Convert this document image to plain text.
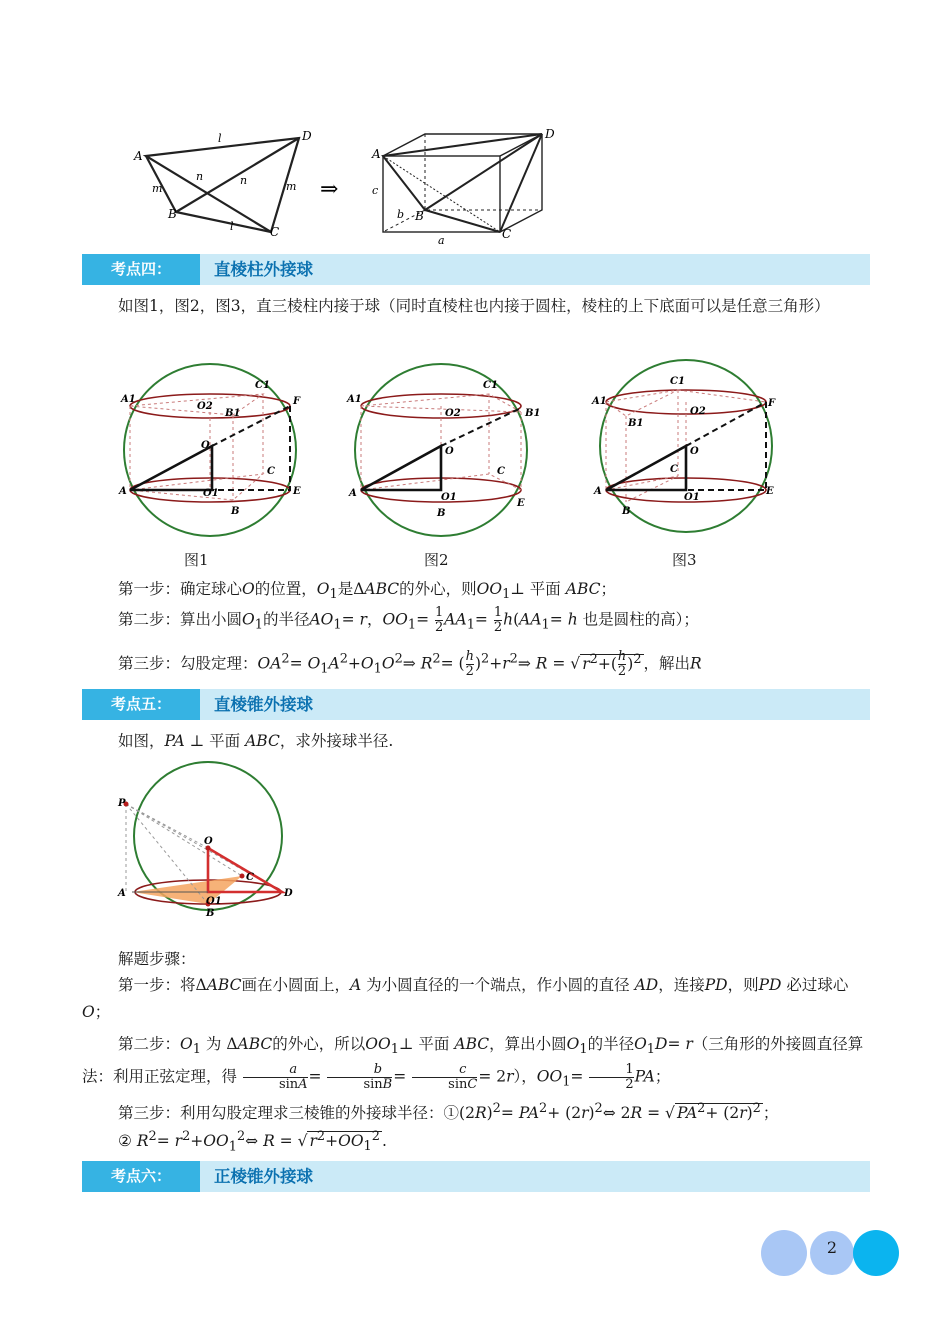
A
D
B
C
l
n	n
m	m
l
⇒
A
D
B
C
a
b
c
考点四：	直棱柱外接球
如图1，图2，图3，直三棱柱内接于球（同时直棱柱也内接于圆柱，棱柱的上下底面可以是任意三角形）
A1
C1
O2
B1
F
O
C
A	O1	E
B
A1
C1
O2	B1
O
C
A	O1
E
B
A1
C1
O2
B1
F
O
C
A
O1
E
B
图1	图2	图3
第一步：确定球心O的位置，$O_1$是ΔABC的外心，则$OO_1\perp$ 平面 ABC；
第二步：算出小圆$O_1$的半径$AO_1= r$，$OO_1= \frac{1}{2} AA_1= \frac{1}{2} h(AA_1= h$ 也是圆柱的高）；
第三步：勾股定理：$OA^2=$ $O_1A^2+O_1O^2\Rightarrow$ $R^2=$ ( $\frac{h}{2}$ )$^2+r^2\Rightarrow$ R = √ $r^2+( \frac{h}{2} )^2$ ，解出R
考点五：	直棱锥外接球
如图，PA ⊥ 平面 ABC，求外接球半径.
P
O
C
A
O1
D
B
解题步骤：
第一步：将ΔABC画在小圆面上，A 为小圆直径的一个端点，作小圆的直径 AD，连接PD，则PD 必过球心 O；
第二步：$O_1$ 为 ΔABC的外心，所以$OO_1\perp$ 平面 ABC，算出小圆$O_1$的半径$O_1D= r$（三角形的外接圆直径算法：利用正弦定理，得 $\frac{a}{\sin A} = \frac{b}{\sin B} = \frac{c}{\sin C} = 2r$），$OO_1= \frac{1}{2}$ PA；
第三步：利用勾股定理求三棱锥的外接球半径：$①(2R)^2= PA^2+$ $(2r)^2\Leftrightarrow$ 2R = √ $PA^2+ (2r)^2$ ；
② $R^2=$ $r^2+OO_1^2\Leftrightarrow$ R = √ $r^2+OO_1^2$ .
考点六：	正棱锥外接球
2
